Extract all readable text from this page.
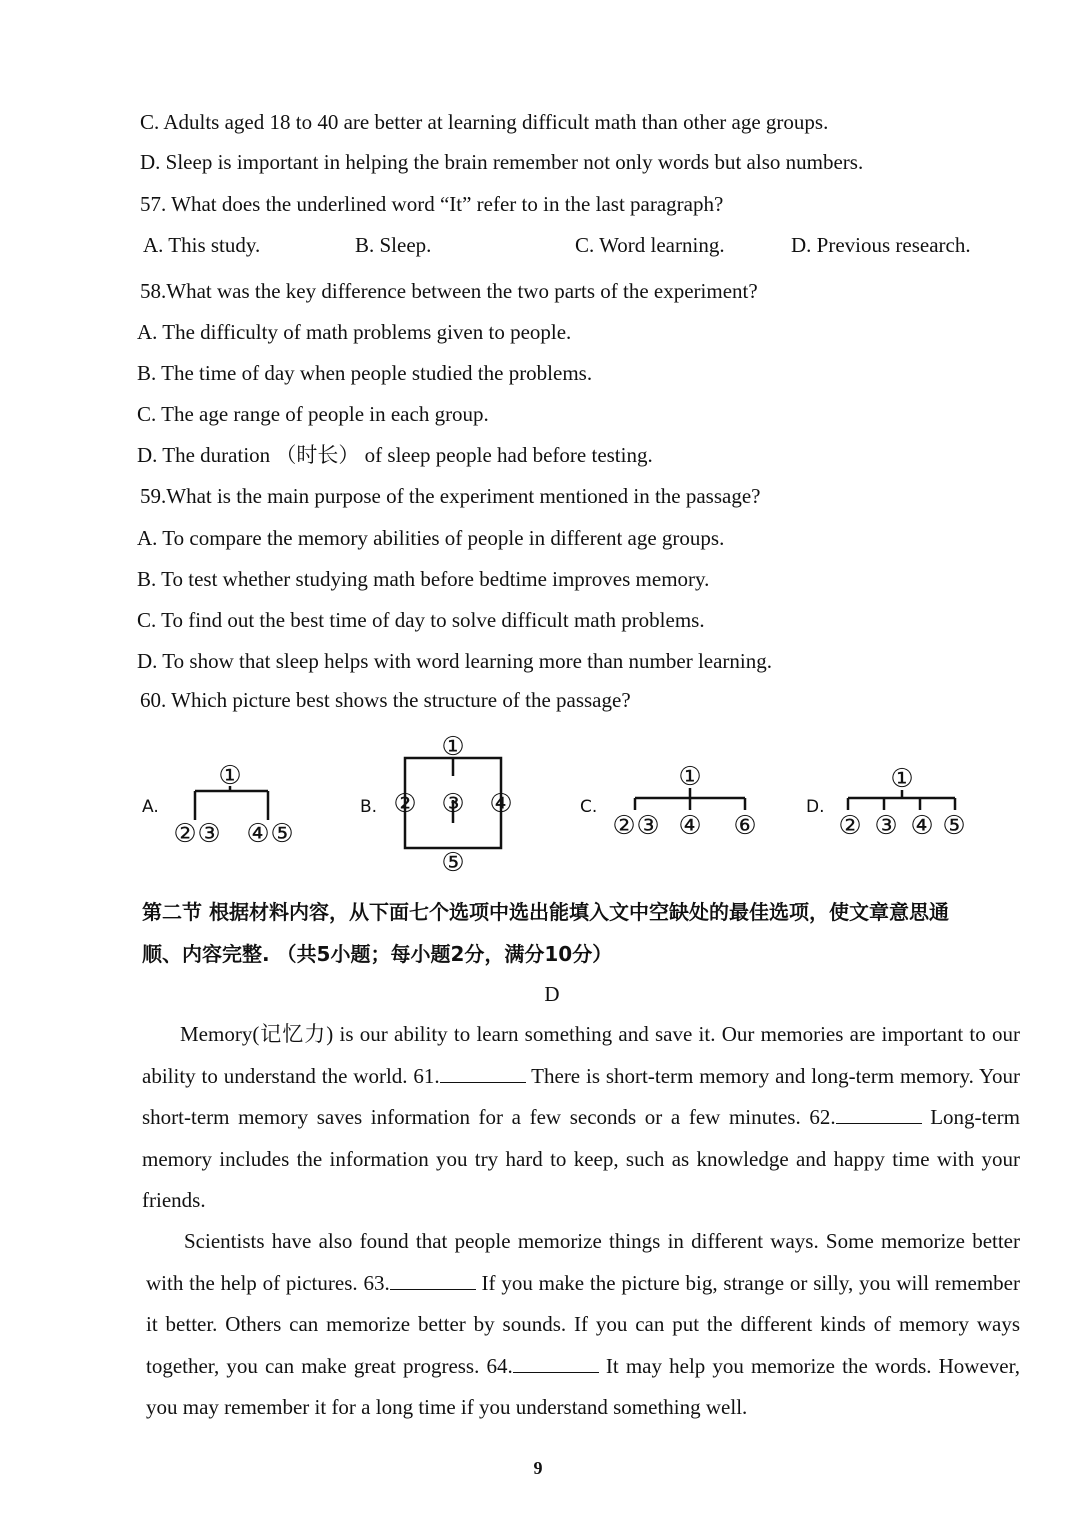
C. Adults aged 18 to 40 are better at learning difficult math than other age groups.
D. Sleep is important in helping the brain remember not only words but also numbers.
57. What does the underlined word “It” refer to in the last paragraph?
A. This study.	B. Sleep.	C. Word learning.	D. Previous research.
58.What was the key difference between the two parts of the experiment?
A. The difficulty of math problems given to people.
B. The time of day when people studied the problems.
C. The age range of people in each group.
D. The duration （时长） of sleep people had before testing.
59.What is the main purpose of the experiment mentioned in the passage?
A. To compare the memory abilities of people in different age groups.
B. To test whether studying math before bedtime improves memory.
C. To find out the best time of day to solve difficult math problems.
D. To show that sleep helps with word learning more than number learning.
60. Which picture best shows the structure of the passage?
A.	B.	C.	D.
①
② ③ ④ ⑤
①
② ③ ④
⑤
①
② ③ ④ ⑥
①
② ③ ④ ⑤
第二节 根据材料内容，从下面七个选项中选出能填入文中空缺处的最佳选项，使文章意思通
顺、内容完整. （共5小题；每小题2分，满分10分）
D
Memory(记忆力) is our ability to learn something and save it. Our memories are important to our ability to understand the world. 61.	There is short-term memory and long-term memory. Your short-term memory saves information for a few seconds or a few minutes. 62.	Long-term memory includes the information you try hard to keep, such as knowledge and happy time with your friends.
Scientists have also found that people memorize things in different ways. Some memorize better with the help of pictures. 63.	If you make the picture big, strange or silly, you will remember it better. Others can memorize better by sounds. If you can put the different kinds of memory ways together, you can make great progress. 64.	It may help you memorize the words. However, you may remember it for a long time if you understand something well.
9
